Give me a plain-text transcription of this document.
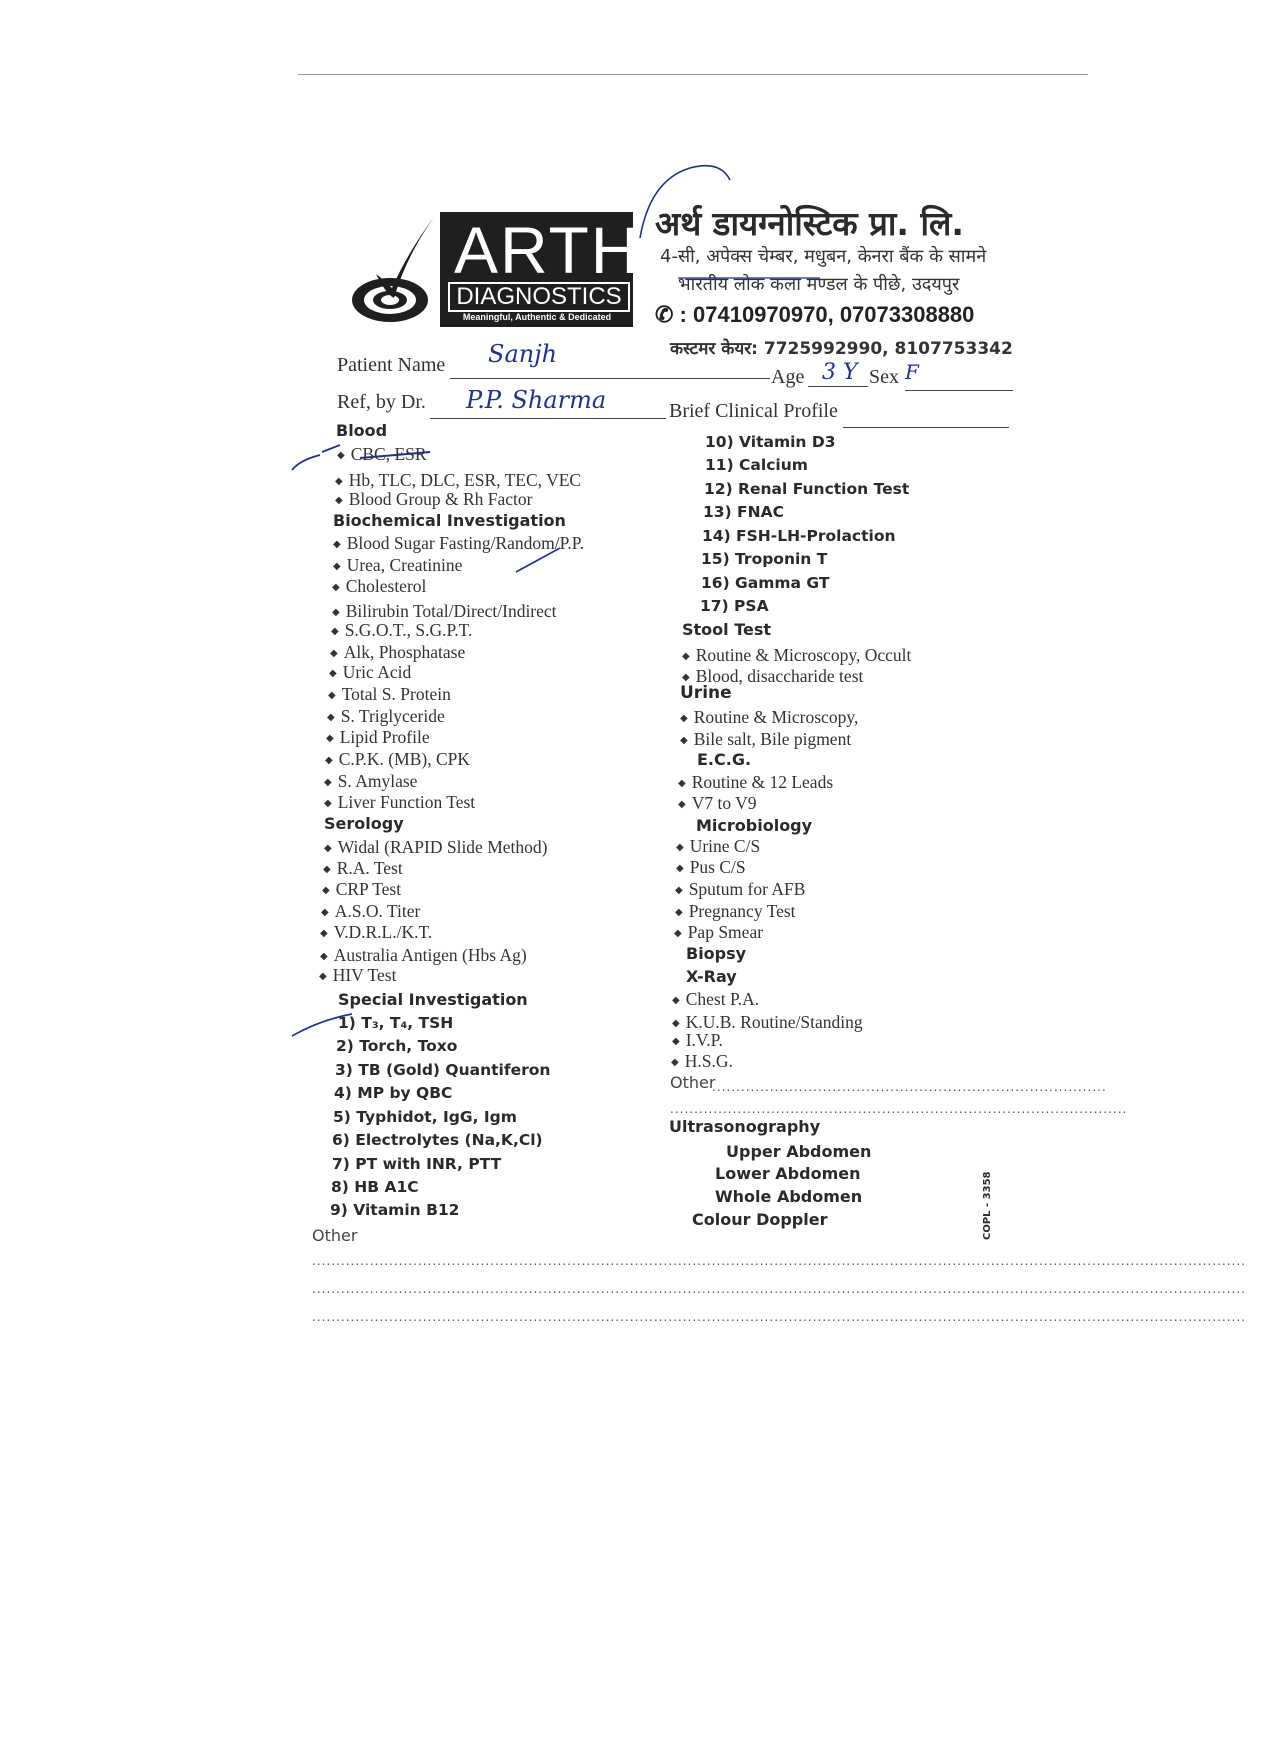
ARTH
DIAGNOSTICS
Meaningful, Authentic & Dedicated
अर्थ डायग्नोस्टिक प्रा. लि.
4-सी, अपेक्स चेम्बर, मधुबन, केनरा बैंक के सामने
भारतीय लोक कला मण्डल के पीछे, उदयपुर
✆ : 07410970970, 07073308880
कस्टमर केयर: 7725992990, 8107753342
Patient Name Sanjh
Age 3 Y Sex F
Ref, by Dr. P.P. Sharma	Brief Clinical Profile
Blood
◆ CBC, ESR
◆ Hb, TLC, DLC, ESR, TEC, VEC
◆ Blood Group & Rh Factor
Biochemical Investigation
◆ Blood Sugar Fasting/Random/P.P.
◆ Urea, Creatinine
◆ Cholesterol
◆ Bilirubin Total/Direct/Indirect
◆ S.G.O.T., S.G.P.T.
◆ Alk, Phosphatase
◆ Uric Acid
◆ Total S. Protein
◆ S. Triglyceride
◆ Lipid Profile
◆ C.P.K. (MB), CPK
◆ S. Amylase
◆ Liver Function Test
Serology
◆ Widal (RAPID Slide Method)
◆ R.A. Test
◆ CRP Test
◆ A.S.O. Titer
◆ V.D.R.L./K.T.
◆ Australia Antigen (Hbs Ag)
◆ HIV Test
Special Investigation
1) T₃, T₄, TSH
2) Torch, Toxo
3) TB (Gold) Quantiferon
4) MP by QBC
5) Typhidot, IgG, Igm
6) Electrolytes (Na,K,Cl)
7) PT with INR, PTT
8) HB A1C
9) Vitamin B12
Other
..................................................................................................................................................................................................
..................................................................................................................................................................................................
..................................................................................................................................................................................................
10) Vitamin D3
11) Calcium
12) Renal Function Test
13) FNAC
14) FSH-LH-Prolaction
15) Troponin T
16) Gamma GT
17) PSA
Stool Test
◆ Routine & Microscopy, Occult
◆ Blood, disaccharide test
Urine
◆ Routine & Microscopy,
◆ Bile salt, Bile pigment
E.C.G.
◆ Routine & 12 Leads
◆ V7 to V9
Microbiology
◆ Urine C/S
◆ Pus C/S
◆ Sputum for AFB
◆ Pregnancy Test
◆ Pap Smear
Biopsy
X-Ray
◆ Chest P.A.
◆ K.U.B. Routine/Standing
◆ I.V.P.
◆ H.S.G.
Other
..................................................................................
...............................................................................................
Ultrasonography
Upper Abdomen
Lower Abdomen
Whole Abdomen
Colour Doppler	COPL - 3358
